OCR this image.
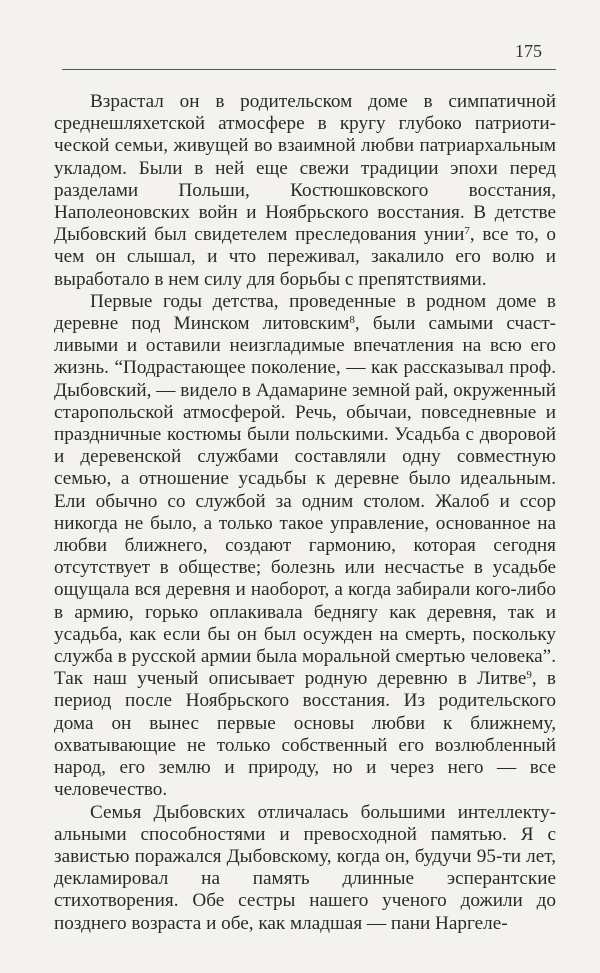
175

Взрастал он в родительском доме в симпатичной среднешляхетской атмосфере в кругу глубоко патриотической семьи, живущей во взаимной любви патриархальным укладом. Были в ней еще свежи традиции эпохи перед разделами Польши, Костюшковского восстания, Наполеоновских войн и Ноябрьского восстания. В детстве Дыбовский был свидетелем преследования унии$^7$, все то, о чем он слышал, и что переживал, закалило его волю и выработало в нем силу для борьбы с препятствиями.

Первые годы детства, проведенные в родном доме в деревне под Минском литовским$^8$, были самыми счастливыми и оставили неизгладимые впечатления на всю его жизнь. “Подрастающее поколение, — как рассказывал проф. Дыбовский, — видело в Адамарине земной рай, окруженный старопольской атмосферой. Речь, обычаи, повседневные и праздничные костюмы были польскими. Усадьба с дворовой и деревенской службами составляли одну совместную семью, а отношение усадьбы к деревне было идеальным. Ели обычно со службой за одним столом. Жалоб и ссор никогда не было, а только такое управление, основанное на любви ближнего, создают гармонию, которая сегодня отсутствует в обществе; болезнь или несчастье в усадьбе ощущала вся деревня и наоборот, а когда забирали кого-либо в армию, горько оплакивала беднягу как деревня, так и усадьба, как если бы он был осужден на смерть, поскольку служба в русской армии была моральной смертью человека”. Так наш ученый описывает родную деревню в Литве$^9$, в период после Ноябрьского восстания. Из родительского дома он вынес первые основы любви к ближнему, охватывающие не только собственный его возлюбленный народ, его землю и природу, но и через него — все человечество.

Семья Дыбовских отличалась большими интеллектуальными способностями и превосходной памятью. Я с завистью поражался Дыбовскому, когда он, будучи 95-ти лет, декламировал на память длинные эсперантские стихотворения. Обе сестры нашего ученого дожили до позднего возраста и обе, как младшая — пани Наргеле-
